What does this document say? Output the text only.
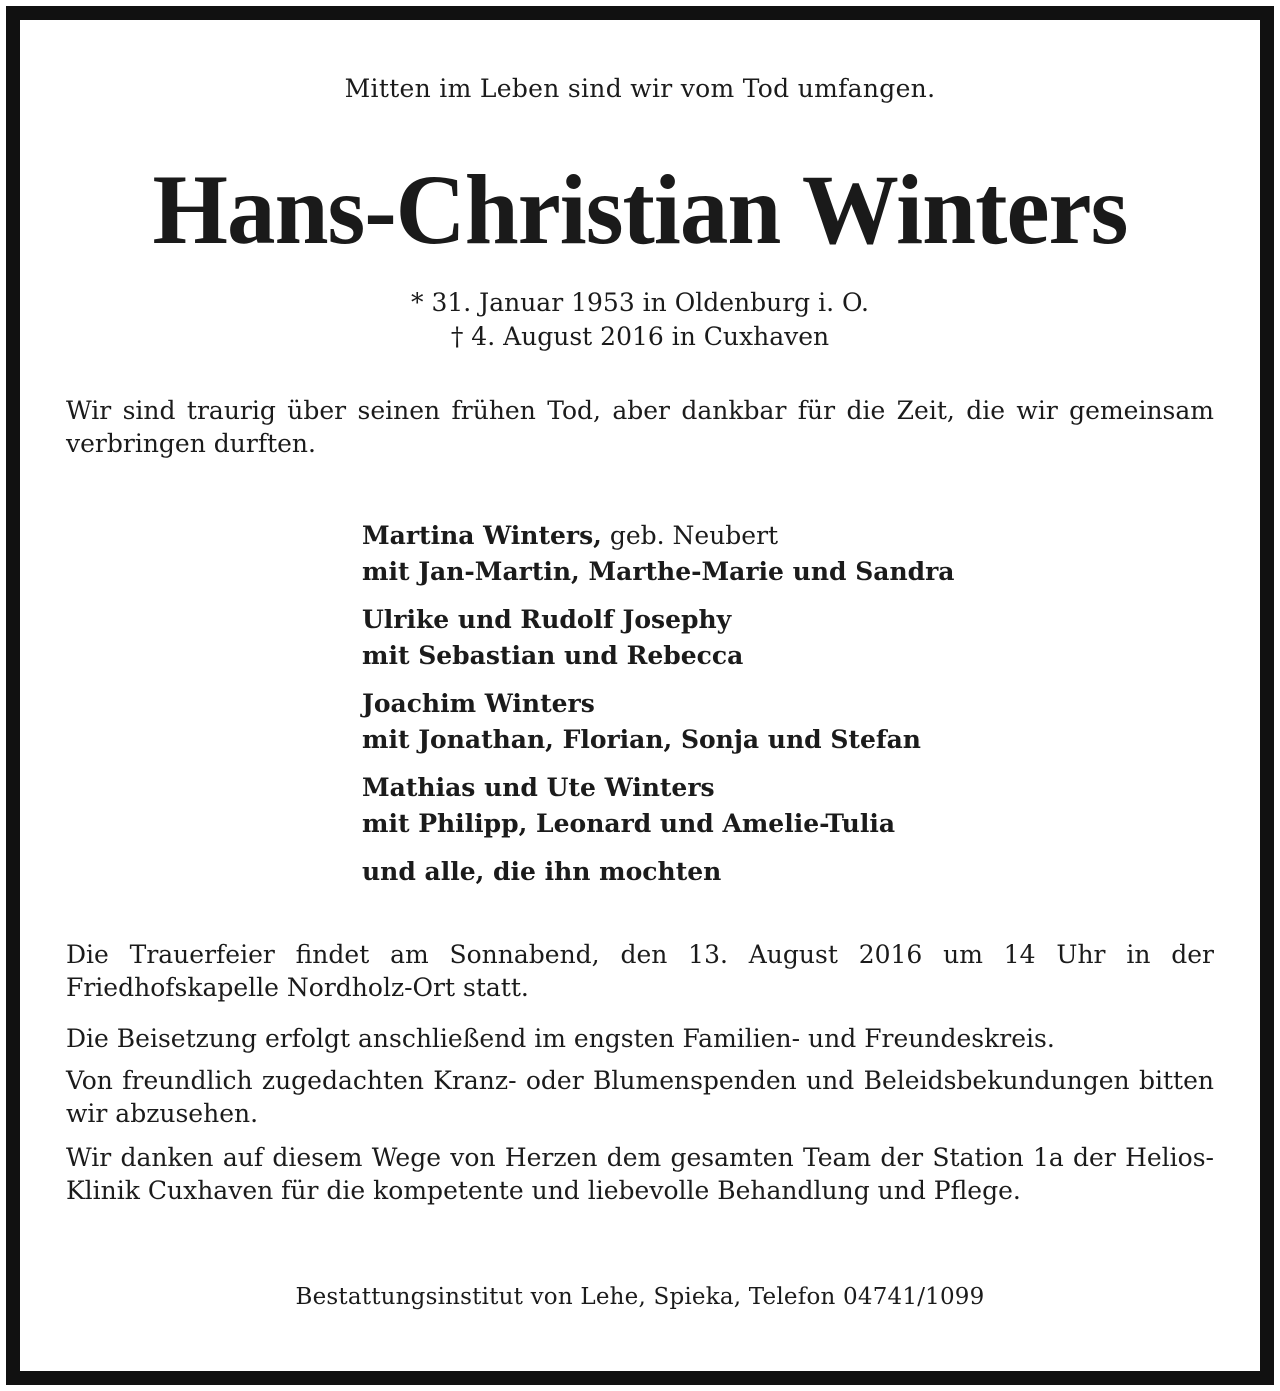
Mitten im Leben sind wir vom Tod umfangen.
Hans-Christian Winters
* 31. Januar 1953 in Oldenburg i. O.
† 4. August 2016 in Cuxhaven
Wir sind traurig über seinen frühen Tod, aber dankbar für die Zeit, die wir gemeinsam verbringen durften.
Martina Winters, geb. Neubert
mit Jan-Martin, Marthe-Marie und Sandra
Ulrike und Rudolf Josephy
mit Sebastian und Rebecca
Joachim Winters
mit Jonathan, Florian, Sonja und Stefan
Mathias und Ute Winters
mit Philipp, Leonard und Amelie-Tulia
und alle, die ihn mochten
Die Trauerfeier findet am Sonnabend, den 13. August 2016 um 14 Uhr in der Friedhofskapelle Nordholz-Ort statt.
Die Beisetzung erfolgt anschließend im engsten Familien- und Freundeskreis.
Von freundlich zugedachten Kranz- oder Blumenspenden und Beleidsbekundungen bitten wir abzusehen.
Wir danken auf diesem Wege von Herzen dem gesamten Team der Station 1a der Helios-Klinik Cuxhaven für die kompetente und liebevolle Behandlung und Pflege.
Bestattungsinstitut von Lehe, Spieka, Telefon 04741/1099
